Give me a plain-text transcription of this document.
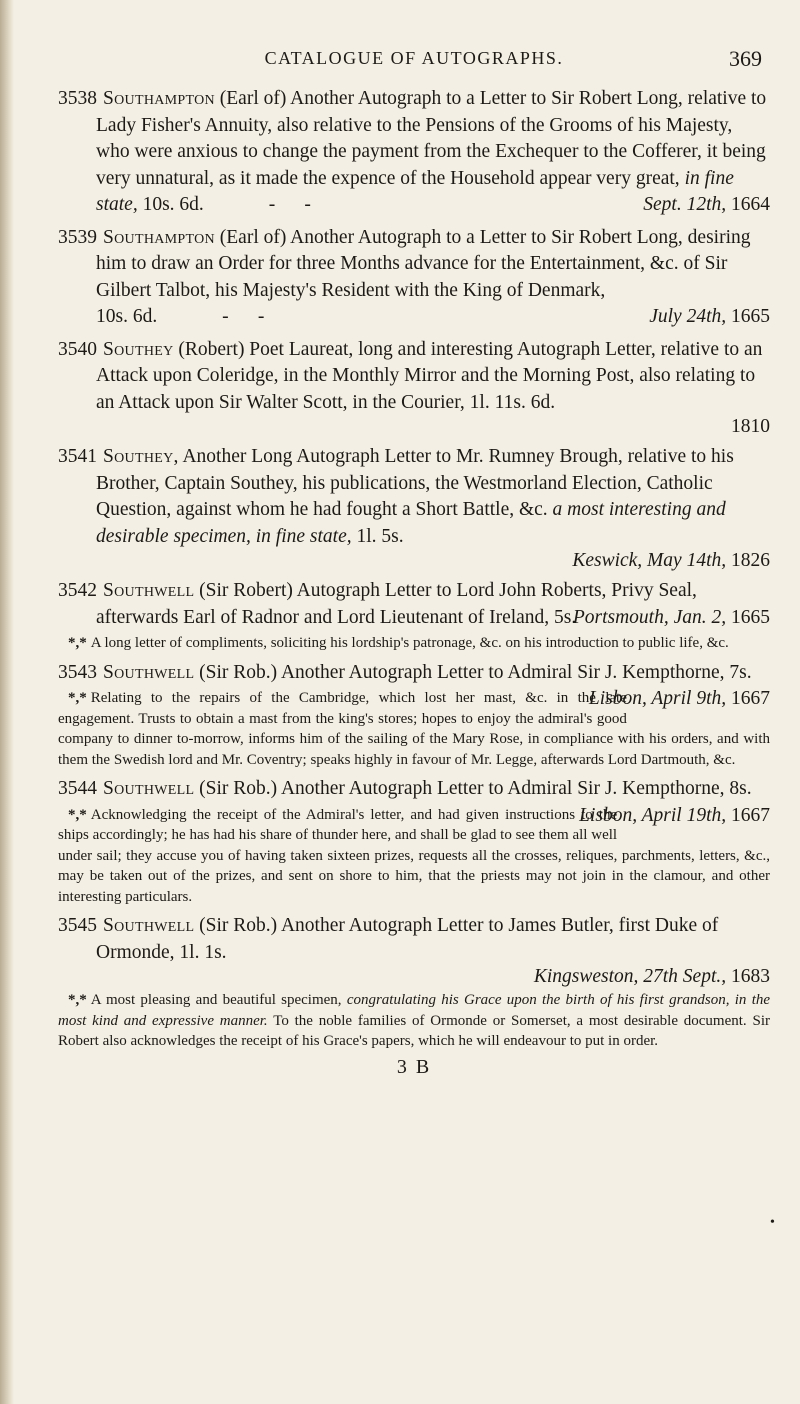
CATALOGUE OF AUTOGRAPHS.	369

3538 Southampton (Earl of) Another Autograph to a Letter to Sir Robert Long, relative to Lady Fisher's Annuity, also relative to the Pensions of the Grooms of his Majesty, who were anxious to change the payment from the Exchequer to the Cofferer, it being very unnatural, as it made the expence of the Household appear very great, in fine state, 10s. 6d.	-      -	Sept. 12th, 1664

3539 Southampton (Earl of) Another Autograph to a Letter to Sir Robert Long, desiring him to draw an Order for three Months advance for the Entertainment, &c. of Sir Gilbert Talbot, his Majesty's Resident with the King of Denmark,
10s. 6d.	-      -	July 24th, 1665

3540 Southey (Robert) Poet Laureat, long and interesting Autograph Letter, relative to an Attack upon Coleridge, in the Monthly Mirror and the Morning Post, also relating to an Attack upon Sir Walter Scott, in the Courier, 1l. 11s. 6d.

1810

3541 Southey, Another Long Autograph Letter to Mr. Rumney Brough, relative to his Brother, Captain Southey, his publications, the Westmorland Election, Catholic Question, against whom he had fought a Short Battle, &c. a most interesting and desirable specimen, in fine state, 1l. 5s.

Keswick, May 14th, 1826

3542 Southwell (Sir Robert) Autograph Letter to Lord John Roberts, Privy Seal, afterwards Earl of Radnor and Lord Lieutenant of Ireland, 5s.
Portsmouth, Jan. 2, 1665

*,* A long letter of compliments, soliciting his lordship's patronage, &c. on his introduction to public life, &c.

3543 Southwell (Sir Rob.) Another Autograph Letter to Admiral Sir J. Kempthorne, 7s.
Lisbon, April 9th, 1667

*,* Relating to the repairs of the Cambridge, which lost her mast, &c. in the late engagement. Trusts to obtain a mast from the king's stores; hopes to enjoy the admiral's good company to dinner to-morrow, informs him of the sailing of the Mary Rose, in compliance with his orders, and with them the Swedish lord and Mr. Coventry; speaks highly in favour of Mr. Legge, afterwards Lord Dartmouth, &c.

3544 Southwell (Sir Rob.) Another Autograph Letter to Admiral Sir J. Kempthorne, 8s.
Lisbon, April 19th, 1667

*,* Acknowledging the receipt of the Admiral's letter, and had given instructions to the ships accordingly; he has had his share of thunder here, and shall be glad to see them all well under sail; they accuse you of having taken sixteen prizes, requests all the crosses, reliques, parchments, letters, &c., may be taken out of the prizes, and sent on shore to him, that the priests may not join in the clamour, and other interesting particulars.

3545 Southwell (Sir Rob.) Another Autograph Letter to James Butler, first Duke of Ormonde, 1l. 1s.

Kingsweston, 27th Sept., 1683

*,* A most pleasing and beautiful specimen, congratulating his Grace upon the birth of his first grandson, in the most kind and expressive manner. To the noble families of Ormonde or Somerset, a most desirable document. Sir Robert also acknowledges the receipt of his Grace's papers, which he will endeavour to put in order.

3 B
•
